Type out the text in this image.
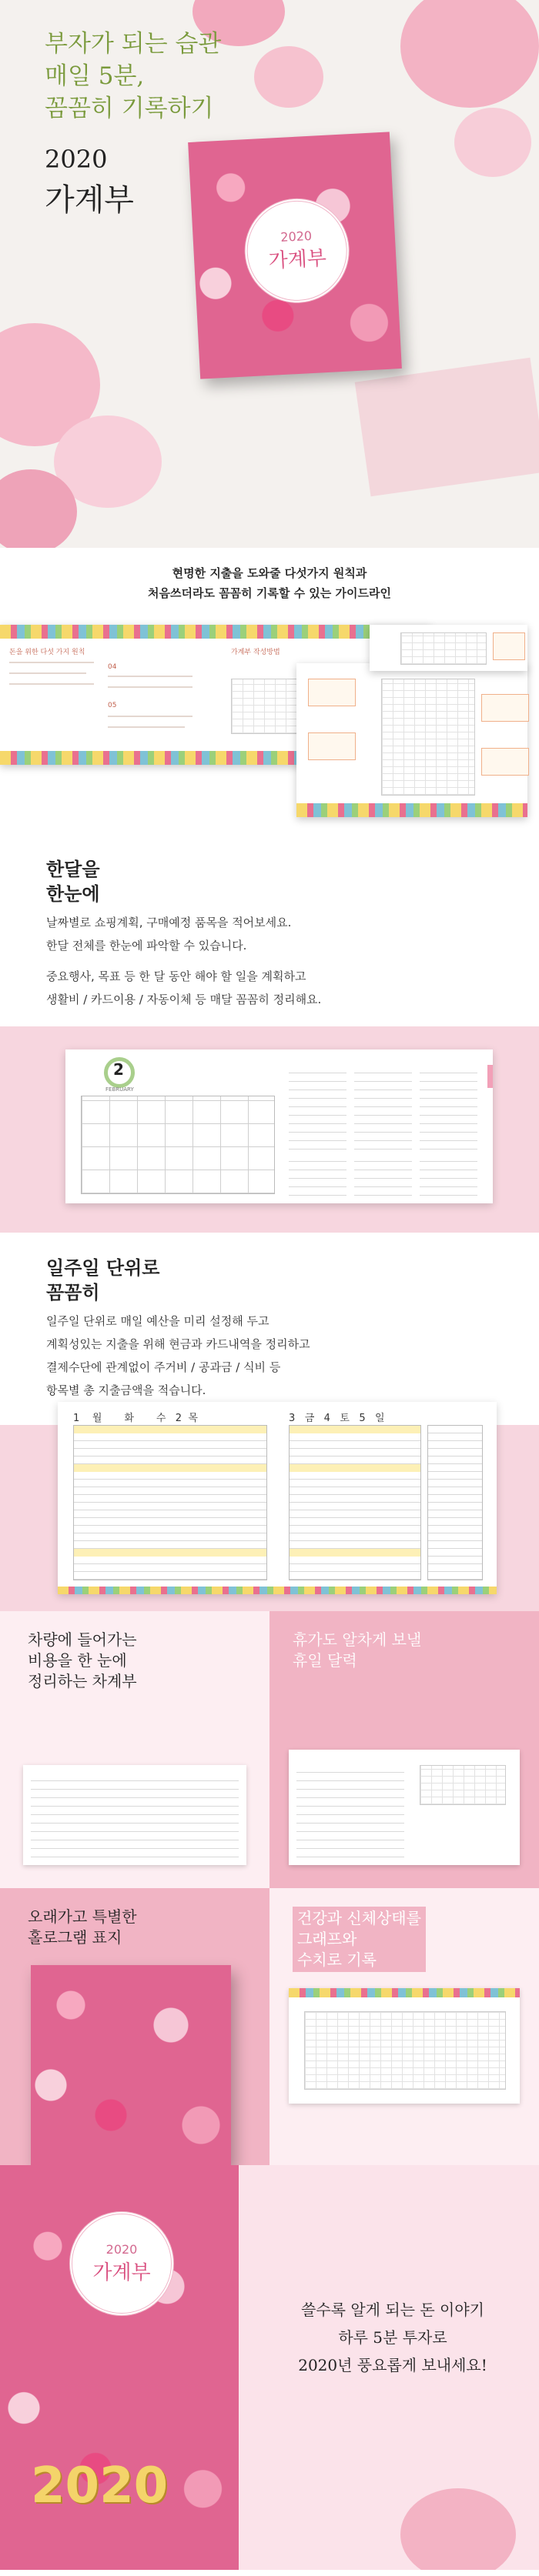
부자가 되는 습관
매일 5분,
꼼꼼히 기록하기
2020
가계부
2020
가계부
현명한 지출을 도와줄 다섯가지 원칙과
처음쓰더라도 꼼꼼히 기록할 수 있는 가이드라인
돈을 위한 다섯 가지 원칙	가계부 작성방법
04
05
한달을
한눈에
날짜별로 쇼핑계획, 구매예정 품목을 적어보세요.
한달 전체를 한눈에 파악할 수 있습니다.
중요행사, 목표 등 한 달 동안 해야 할 일을 계획하고
생활비 / 카드이용 / 자동이체 등 매달 꼼꼼히 정리해요.
2
FEBRUARY
일주일 단위로
꼼꼼히
일주일 단위로 매일 예산을 미리 설정해 두고
계획성있는 지출을 위해 현금과 카드내역을 정리하고
결제수단에 관계없이 주거비 / 공과금 / 식비 등
항목별 총 지출금액을 적습니다.
1 월 화 수 2 목	3 금 4 토 5 일
차량에 들어가는
비용을 한 눈에
정리하는 차계부
휴가도 알차게 보낼
휴일 달력
오래가고 특별한
홀로그램 표지
건강과 신체상태를
그래프와
수치로 기록
2020
가계부
2020
쓸수록 알게 되는 돈 이야기
하루 5분 투자로
2020년 풍요롭게 보내세요!
